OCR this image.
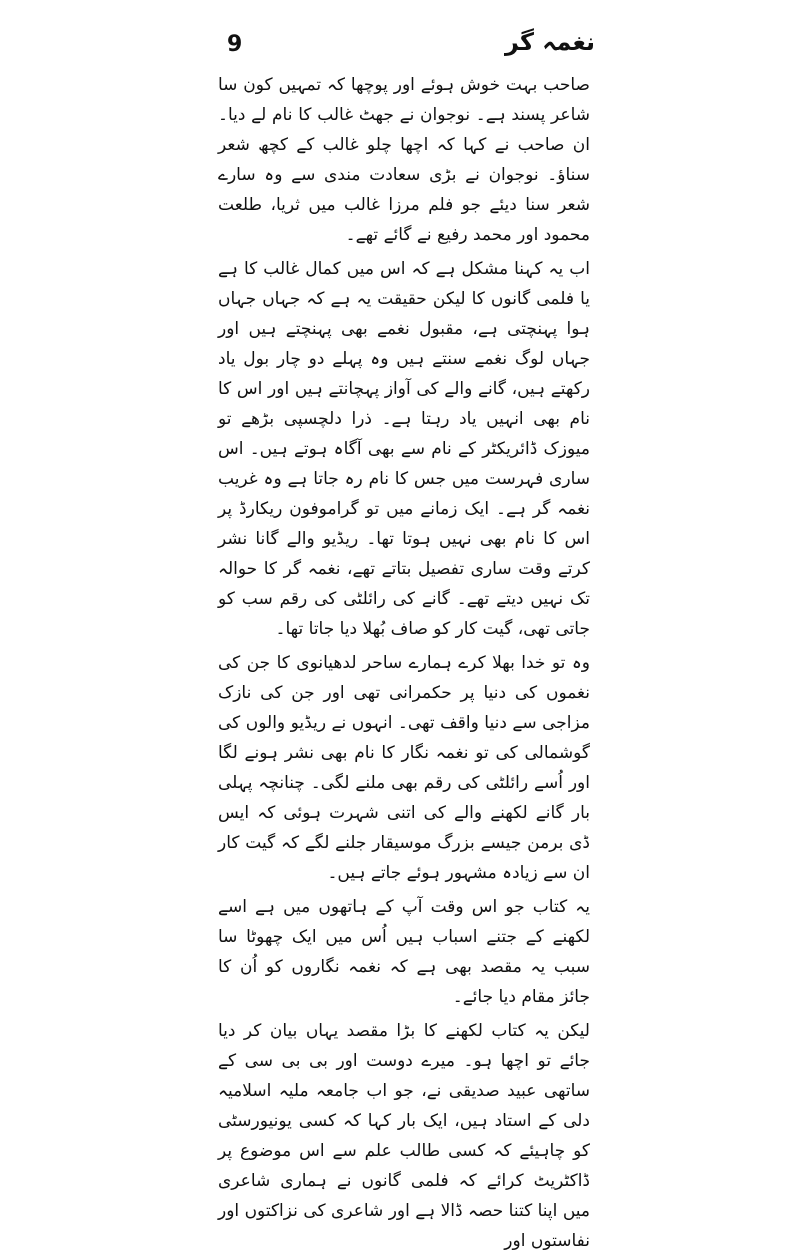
9	نغمہ گر

صاحب بہت خوش ہوئے اور پوچھا کہ تمہیں کون سا شاعر پسند ہے۔ نوجوان نے جھٹ غالب کا نام لے دیا۔ ان صاحب نے کہا کہ اچھا چلو غالب کے کچھ شعر سناؤ۔ نوجوان نے بڑی سعادت مندی سے وہ سارے شعر سنا دیئے جو فلم مرزا غالب میں ثریا، طلعت محمود اور محمد رفیع نے گائے تھے۔

اب یہ کہنا مشکل ہے کہ اس میں کمال غالب کا ہے یا فلمی گانوں کا لیکن حقیقت یہ ہے کہ جہاں جہاں ہوا پہنچتی ہے، مقبول نغمے بھی پہنچتے ہیں اور جہاں لوگ نغمے سنتے ہیں وہ پہلے دو چار بول یاد رکھتے ہیں، گانے والے کی آواز پہچانتے ہیں اور اس کا نام بھی انہیں یاد رہتا ہے۔ ذرا دلچسپی بڑھے تو میوزک ڈائریکٹر کے نام سے بھی آگاہ ہوتے ہیں۔ اس ساری فہرست میں جس کا نام رہ جاتا ہے وہ غریب نغمہ گر ہے۔ ایک زمانے میں تو گراموفون ریکارڈ پر اس کا نام بھی نہیں ہوتا تھا۔ ریڈیو والے گانا نشر کرتے وقت ساری تفصیل بتاتے تھے، نغمہ گر کا حوالہ تک نہیں دیتے تھے۔ گانے کی رائلٹی کی رقم سب کو جاتی تھی، گیت کار کو صاف بُھلا دیا جاتا تھا۔

وہ تو خدا بھلا کرے ہمارے ساحر لدھیانوی کا جن کی نغموں کی دنیا پر حکمرانی تھی اور جن کی نازک مزاجی سے دنیا واقف تھی۔ انہوں نے ریڈیو والوں کی گوشمالی کی تو نغمہ نگار کا نام بھی نشر ہونے لگا اور اُسے رائلٹی کی رقم بھی ملنے لگی۔ چنانچہ پہلی بار گانے لکھنے والے کی اتنی شہرت ہوئی کہ ایس ڈی برمن جیسے بزرگ موسیقار جلنے لگے کہ گیت کار ان سے زیادہ مشہور ہوئے جاتے ہیں۔

یہ کتاب جو اس وقت آپ کے ہاتھوں میں ہے اسے لکھنے کے جتنے اسباب ہیں اُس میں ایک چھوٹا سا سبب یہ مقصد بھی ہے کہ نغمہ نگاروں کو اُن کا جائز مقام دیا جائے۔

لیکن یہ کتاب لکھنے کا بڑا مقصد یہاں بیان کر دیا جائے تو اچھا ہو۔ میرے دوست اور بی بی سی کے ساتھی عبید صدیقی نے، جو اب جامعہ ملیہ اسلامیہ دلی کے استاد ہیں، ایک بار کہا کہ کسی یونیورسٹی کو چاہیئے کہ کسی طالب علم سے اس موضوع پر ڈاکٹریٹ کرائے کہ فلمی گانوں نے ہماری شاعری میں اپنا کتنا حصہ ڈالا ہے اور شاعری کی نزاکتوں اور نفاستوں اور
